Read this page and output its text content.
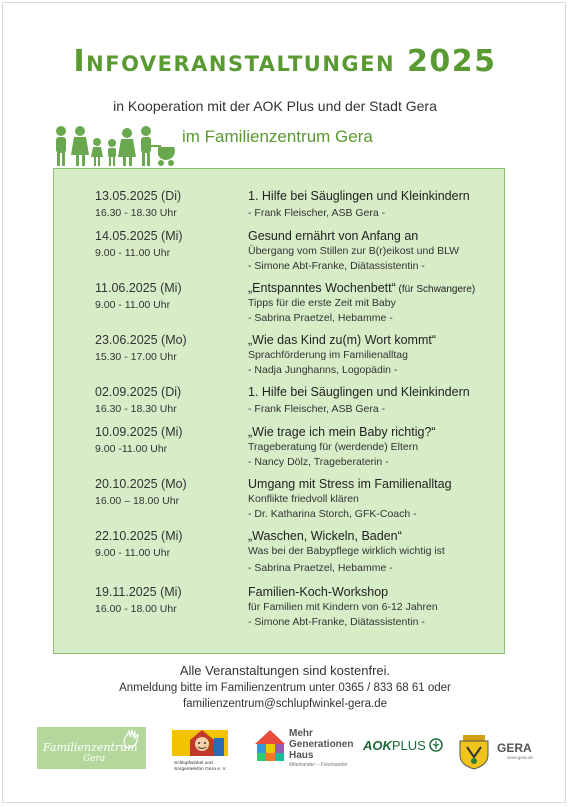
Infoveranstaltungen 2025
in Kooperation mit der AOK Plus und der Stadt Gera
im Familienzentrum Gera
13.05.2025 (Di)
16.30 - 18.30 Uhr
1. Hilfe bei Säuglingen und Kleinkindern
- Frank Fleischer, ASB Gera -
14.05.2025 (Mi)
9.00 - 11.00 Uhr
Gesund ernährt von Anfang an
Übergang vom Stillen zur B(r)eikost und BLW
- Simone Abt-Franke, Diätassistentin -
11.06.2025 (Mi)
9.00 - 11.00 Uhr
„Entspanntes Wochenbett“ (für Schwangere)
Tipps für die erste Zeit mit Baby
- Sabrina Praetzel, Hebamme -
23.06.2025 (Mo)
15.30 - 17.00 Uhr
„Wie das Kind zu(m) Wort kommt“
Sprachförderung im Familienalltag
- Nadja Junghanns, Logopädin -
02.09.2025 (Di)
16.30 - 18.30 Uhr
1. Hilfe bei Säuglingen und Kleinkindern
- Frank Fleischer, ASB Gera -
10.09.2025 (Mi)
9.00 -11.00 Uhr
„Wie trage ich mein Baby richtig?“
Trageberatung für (werdende) Eltern
- Nancy Dölz, Trageberaterin -
20.10.2025 (Mo)
16.00 – 18.00 Uhr
Umgang mit Stress im Familienalltag
Konflikte friedvoll klären
- Dr. Katharina Storch, GFK-Coach -
22.10.2025 (Mi)
9.00 - 11.00 Uhr
„Waschen, Wickeln, Baden“
Was bei der Babypflege wirklich wichtig ist
- Sabrina Praetzel, Hebamme -
19.11.2025 (Mi)
16.00 - 18.00 Uhr
Familien-Koch-Workshop
für Familien mit Kindern von 6-12 Jahren
- Simone Abt-Franke, Diätassistentin -
Alle Veranstaltungen sind kostenfrei.
Anmeldung bitte im Familienzentrum unter 0365 / 833 68 61 oder
familienzentrum@schlupfwinkel-gera.de
Familienzentrum
Gera	Schlupfwinkel und Sorgentelefon Gera e. V.
Mehr Generationen Haus
Miteinander – Füreinander
AOKPLUS	GERA
www.gera.de
